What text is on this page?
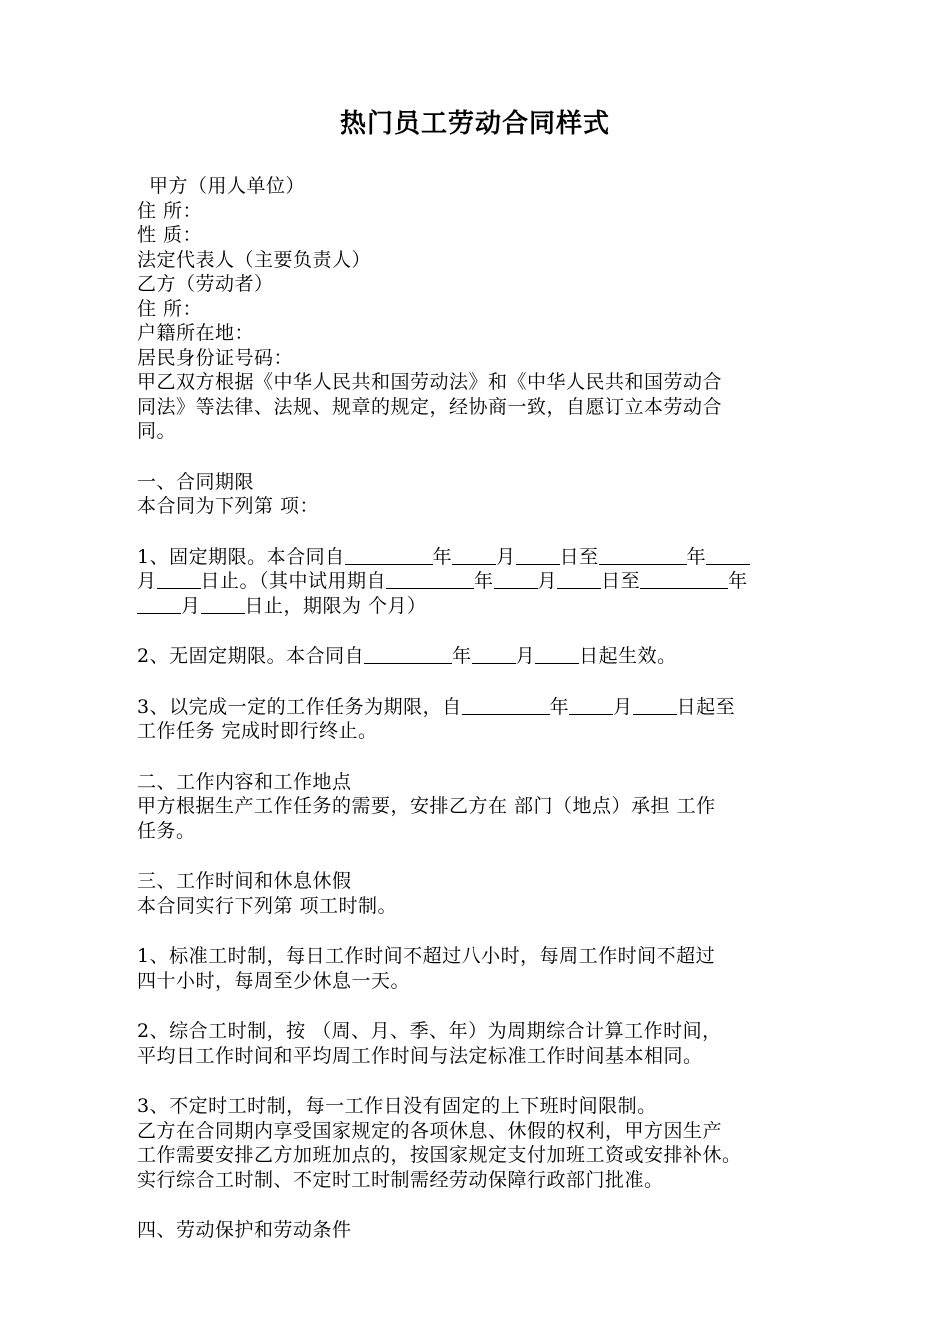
热门员工劳动合同样式
甲方（用人单位）
住 所：
性 质：
法定代表人（主要负责人）
乙方（劳动者）
住 所：
户籍所在地：
居民身份证号码：
甲乙双方根据《中华人民共和国劳动法》和《中华人民共和国劳动合
同法》等法律、法规、规章的规定，经协商一致，自愿订立本劳动合
同。
一、合同期限
本合同为下列第 项：
1、固定期限。本合同自	年 月 日至	年
月 日止。（其中试用期自	年 月 日至	年
月 日止，期限为 个月）
2、无固定期限。本合同自	年 月 日起生效。
3、以完成一定的工作任务为期限，自	年 月 日起至
工作任务 完成时即行终止。
二、工作内容和工作地点
甲方根据生产工作任务的需要，安排乙方在 部门（地点）承担 工作
任务。
三、工作时间和休息休假
本合同实行下列第 项工时制。
1、标准工时制，每日工作时间不超过八小时，每周工作时间不超过
四十小时，每周至少休息一天。
2、综合工时制，按 （周、月、季、年）为周期综合计算工作时间，
平均日工作时间和平均周工作时间与法定标准工作时间基本相同。
3、不定时工时制，每一工作日没有固定的上下班时间限制。
乙方在合同期内享受国家规定的各项休息、休假的权利，甲方因生产
工作需要安排乙方加班加点的，按国家规定支付加班工资或安排补休。
实行综合工时制、不定时工时制需经劳动保障行政部门批准。
四、劳动保护和劳动条件
